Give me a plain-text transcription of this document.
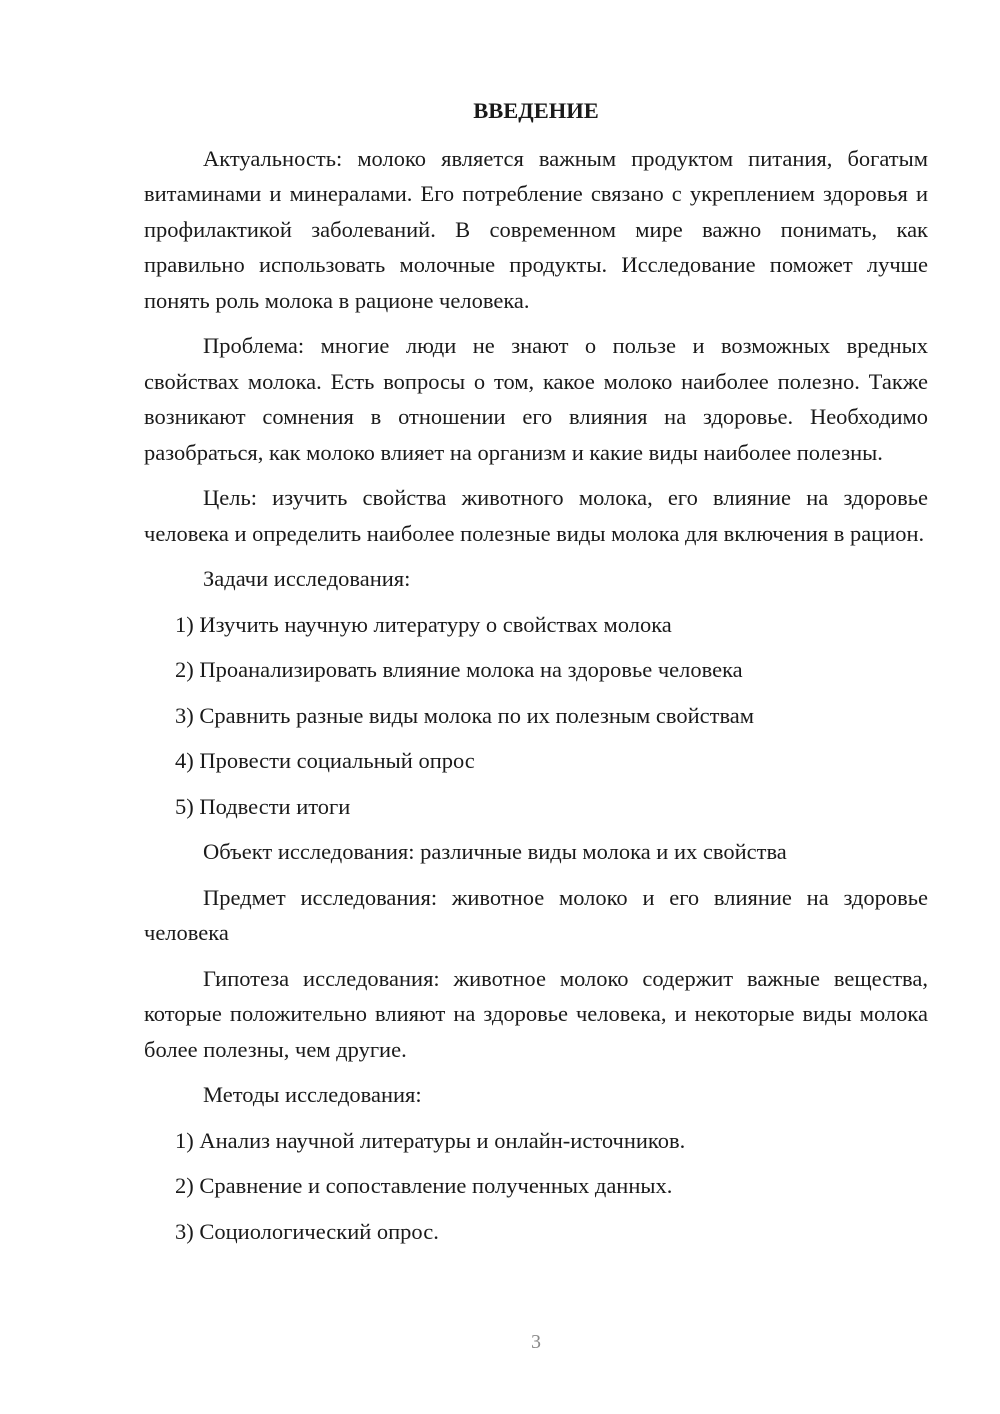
ВВЕДЕНИЕ

Актуальность: молоко является важным продуктом питания, богатым витаминами и минералами. Его потребление связано с укреплением здоровья и профилактикой заболеваний. В современном мире важно понимать, как правильно использовать молочные продукты. Исследование поможет лучше понять роль молока в рационе человека.

Проблема: многие люди не знают о пользе и возможных вредных свойствах молока. Есть вопросы о том, какое молоко наиболее полезно. Также возникают сомнения в отношении его влияния на здоровье. Необходимо разобраться, как молоко влияет на организм и какие виды наиболее полезны.

Цель: изучить свойства животного молока, его влияние на здоровье человека и определить наиболее полезные виды молока для включения в рацион.

Задачи исследования:

1) Изучить научную литературу о свойствах молока

2) Проанализировать влияние молока на здоровье человека

3) Сравнить разные виды молока по их полезным свойствам

4) Провести социальный опрос

5) Подвести итоги

Объект исследования: различные виды молока и их свойства

Предмет исследования: животное молоко и его влияние на здоровье человека

Гипотеза исследования: животное молоко содержит важные вещества, которые положительно влияют на здоровье человека, и некоторые виды молока более полезны, чем другие.

Методы исследования:

1) Анализ научной литературы и онлайн-источников.

2) Сравнение и сопоставление полученных данных.

3) Социологический опрос.

3
